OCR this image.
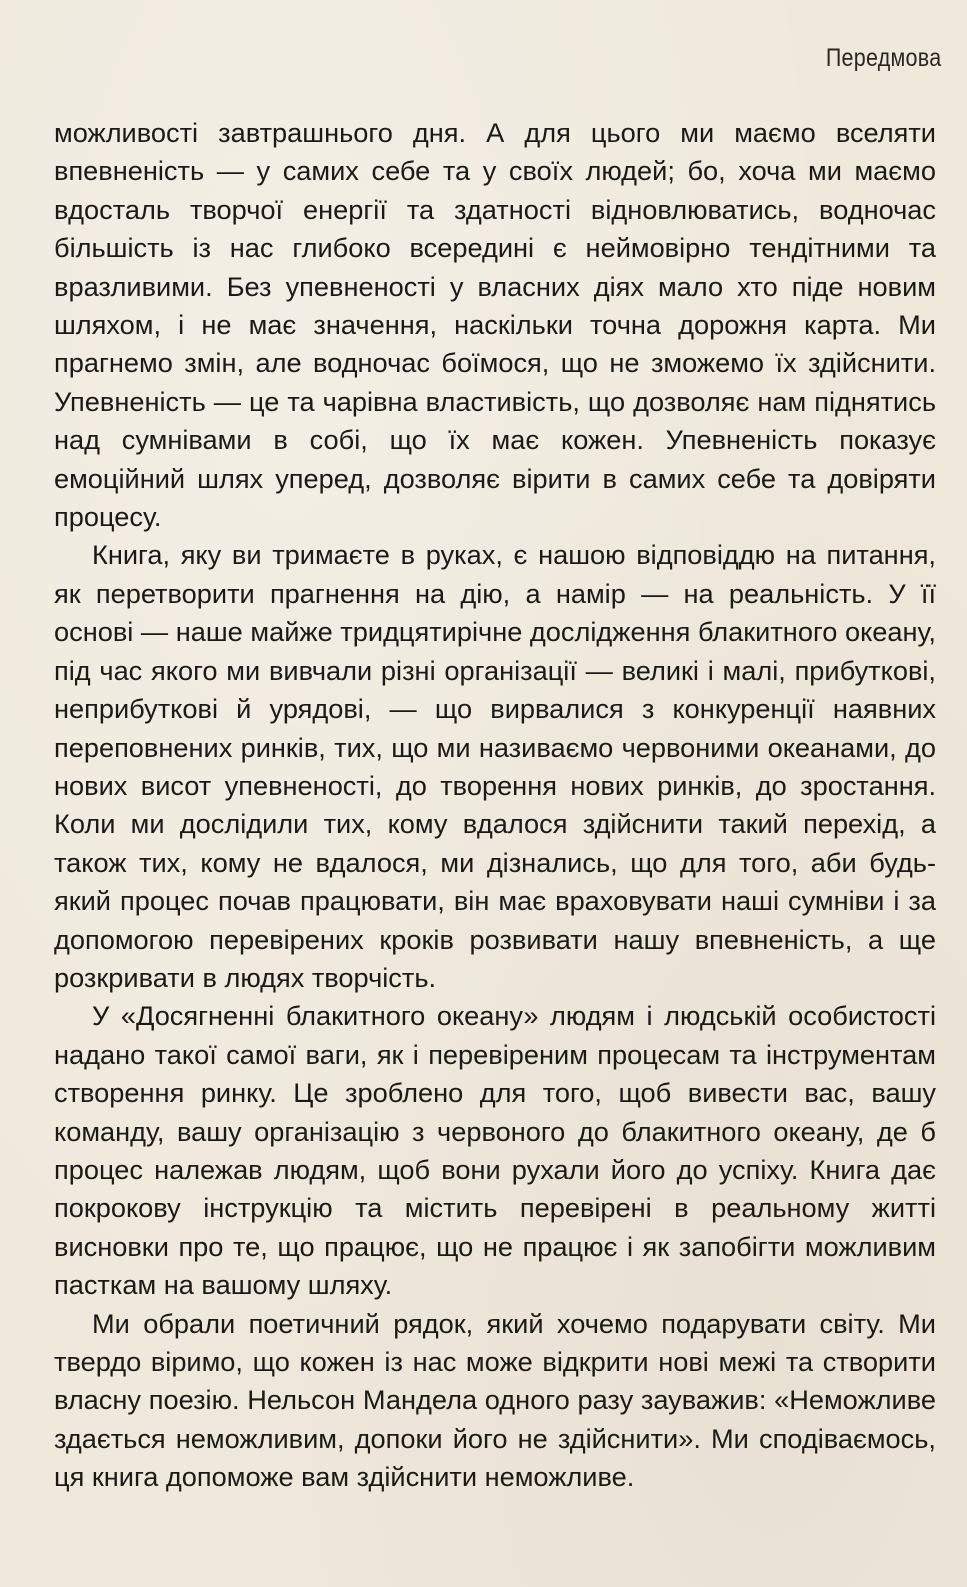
Передмова

можливості завтрашнього дня. А для цього ми маємо вселяти впевненість — у самих себе та у своїх людей; бо, хоча ми маємо вдосталь творчої енергії та здатності відновлюватись, водночас більшість із нас глибоко всередині є неймовірно тендітними та вразливими. Без упевненості у власних діях мало хто піде новим шляхом, і не має значення, наскільки точна дорожня карта. Ми прагнемо змін, але водночас боїмося, що не зможемо їх здійснити. Упевненість — це та чарівна властивість, що дозволяє нам піднятись над сумнівами в собі, що їх має кожен. Упевненість показує емоційний шлях уперед, дозволяє вірити в самих себе та довіряти процесу.

Книга, яку ви тримаєте в руках, є нашою відповіддю на питання, як перетворити прагнення на дію, а намір — на реальність. У її основі — наше майже тридцятирічне дослідження блакитного океану, під час якого ми вивчали різні організації — великі і малі, прибуткові, неприбуткові й урядові, — що вирвалися з конкуренції наявних переповнених ринків, тих, що ми називаємо червоними океанами, до нових висот упевненості, до творення нових ринків, до зростання. Коли ми дослідили тих, кому вдалося здійснити такий перехід, а також тих, кому не вдалося, ми дізнались, що для того, аби будь-який процес почав працювати, він має враховувати наші сумніви і за допомогою перевірених кроків розвивати нашу впевненість, а ще розкривати в людях творчість.

У «Досягненні блакитного океану» людям і людській особистості надано такої самої ваги, як і перевіреним процесам та інструментам створення ринку. Це зроблено для того, щоб вивести вас, вашу команду, вашу організацію з червоного до блакитного океану, де б процес належав людям, щоб вони рухали його до успіху. Книга дає покрокову інструкцію та містить перевірені в реальному житті висновки про те, що працює, що не працює і як запобігти можливим пасткам на вашому шляху.

Ми обрали поетичний рядок, який хочемо подарувати світу. Ми твердо віримо, що кожен із нас може відкрити нові межі та створити власну поезію. Нельсон Мандела одного разу зауважив: «Неможливе здається неможливим, допоки його не здійснити». Ми сподіваємось, ця книга допоможе вам здійснити неможливе.
